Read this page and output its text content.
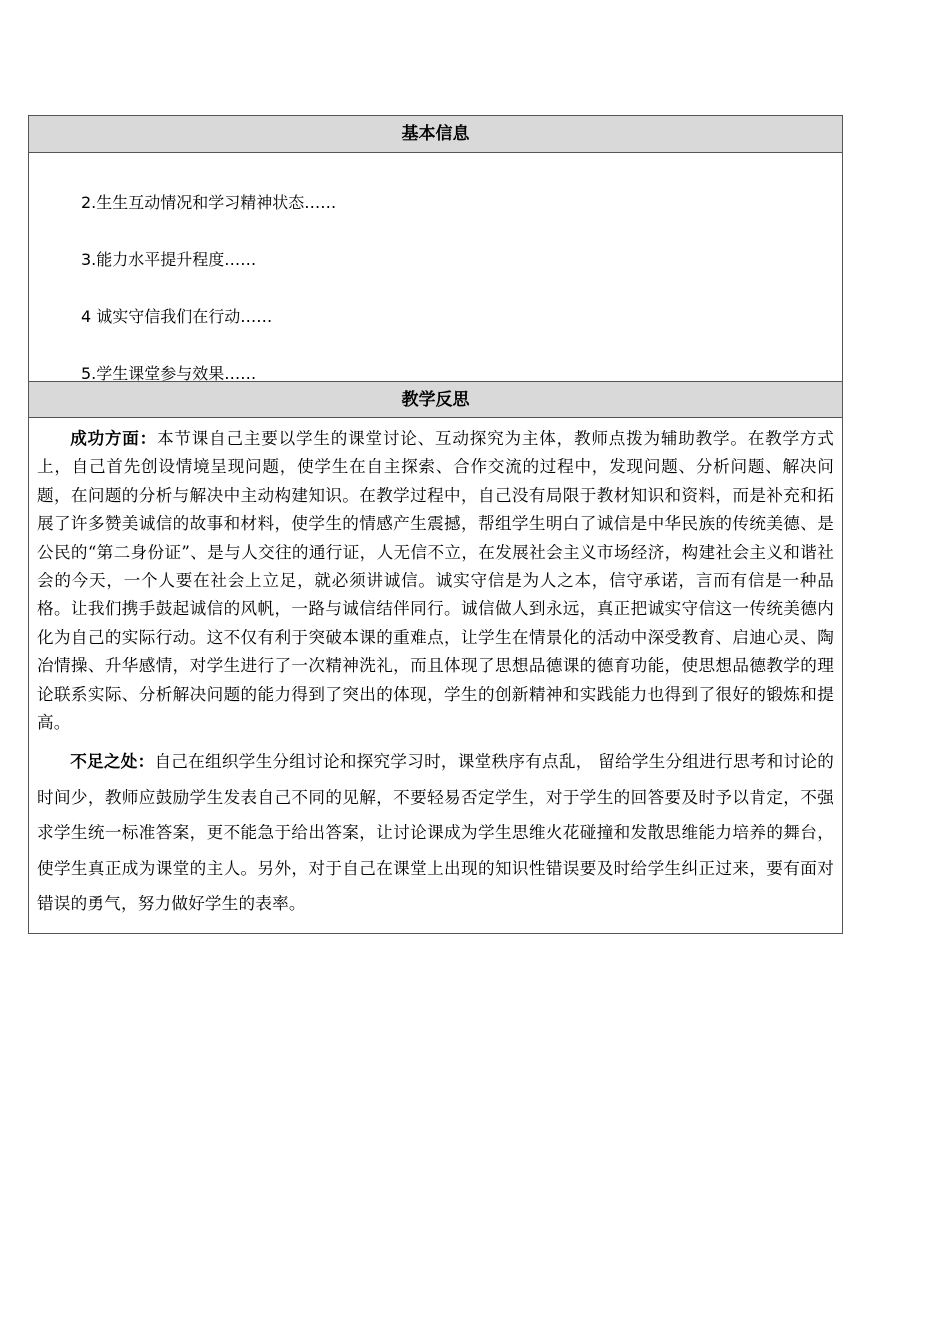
基本信息
2.生生互动情况和学习精神状态……
3.能力水平提升程度……
4 诚实守信我们在行动……
5.学生课堂参与效果……
教学反思

成功方面：本节课自己主要以学生的课堂讨论、互动探究为主体，教师点拨为辅助教学。在教学方式上，自己首先创设情境呈现问题，使学生在自主探索、合作交流的过程中，发现问题、分析问题、解决问题，在问题的分析与解决中主动构建知识。在教学过程中，自己没有局限于教材知识和资料，而是补充和拓展了许多赞美诚信的故事和材料，使学生的情感产生震撼，帮组学生明白了诚信是中华民族的传统美德、是公民的“第二身份证”、是与人交往的通行证，人无信不立，在发展社会主义市场经济，构建社会主义和谐社会的今天，一个人要在社会上立足，就必须讲诚信。诚实守信是为人之本，信守承诺，言而有信是一种品格。让我们携手鼓起诚信的风帆，一路与诚信结伴同行。诚信做人到永远，真正把诚实守信这一传统美德内化为自己的实际行动。这不仅有利于突破本课的重难点，让学生在情景化的活动中深受教育、启迪心灵、陶冶情操、升华感情，对学生进行了一次精神洗礼，而且体现了思想品德课的德育功能，使思想品德教学的理论联系实际、分析解决问题的能力得到了突出的体现，学生的创新精神和实践能力也得到了很好的锻炼和提高。

不足之处：自己在组织学生分组讨论和探究学习时，课堂秩序有点乱， 留给学生分组进行思考和讨论的时间少，教师应鼓励学生发表自己不同的见解，不要轻易否定学生，对于学生的回答要及时予以肯定，不强求学生统一标准答案，更不能急于给出答案，让讨论课成为学生思维火花碰撞和发散思维能力培养的舞台，使学生真正成为课堂的主人。另外，对于自己在课堂上出现的知识性错误要及时给学生纠正过来，要有面对错误的勇气，努力做好学生的表率。
